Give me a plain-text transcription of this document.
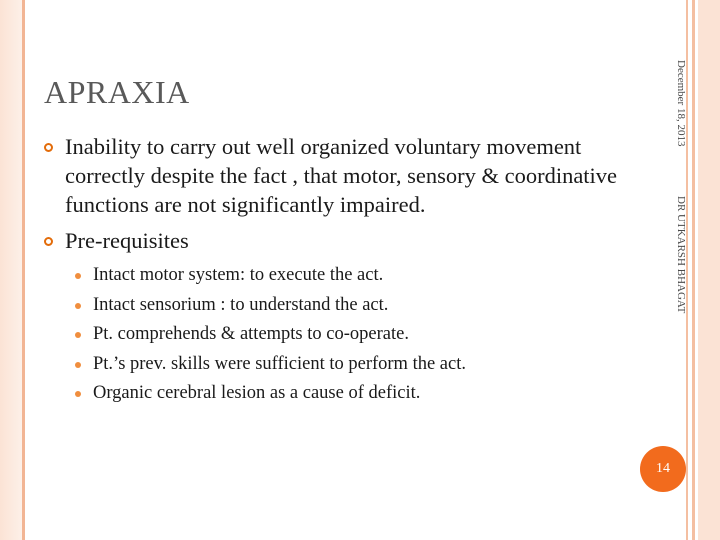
APRAXIA
Inability to carry out well organized voluntary movement correctly despite the fact , that motor, sensory & coordinative functions are not significantly impaired.
Pre-requisites
Intact motor system: to execute the act.
Intact sensorium : to understand the act.
Pt. comprehends & attempts to co-operate.
Pt.’s prev. skills were sufficient to perform the act.
Organic cerebral lesion as a cause of deficit.
December 18, 2013 DR UTKARSH BHAGAT
14
